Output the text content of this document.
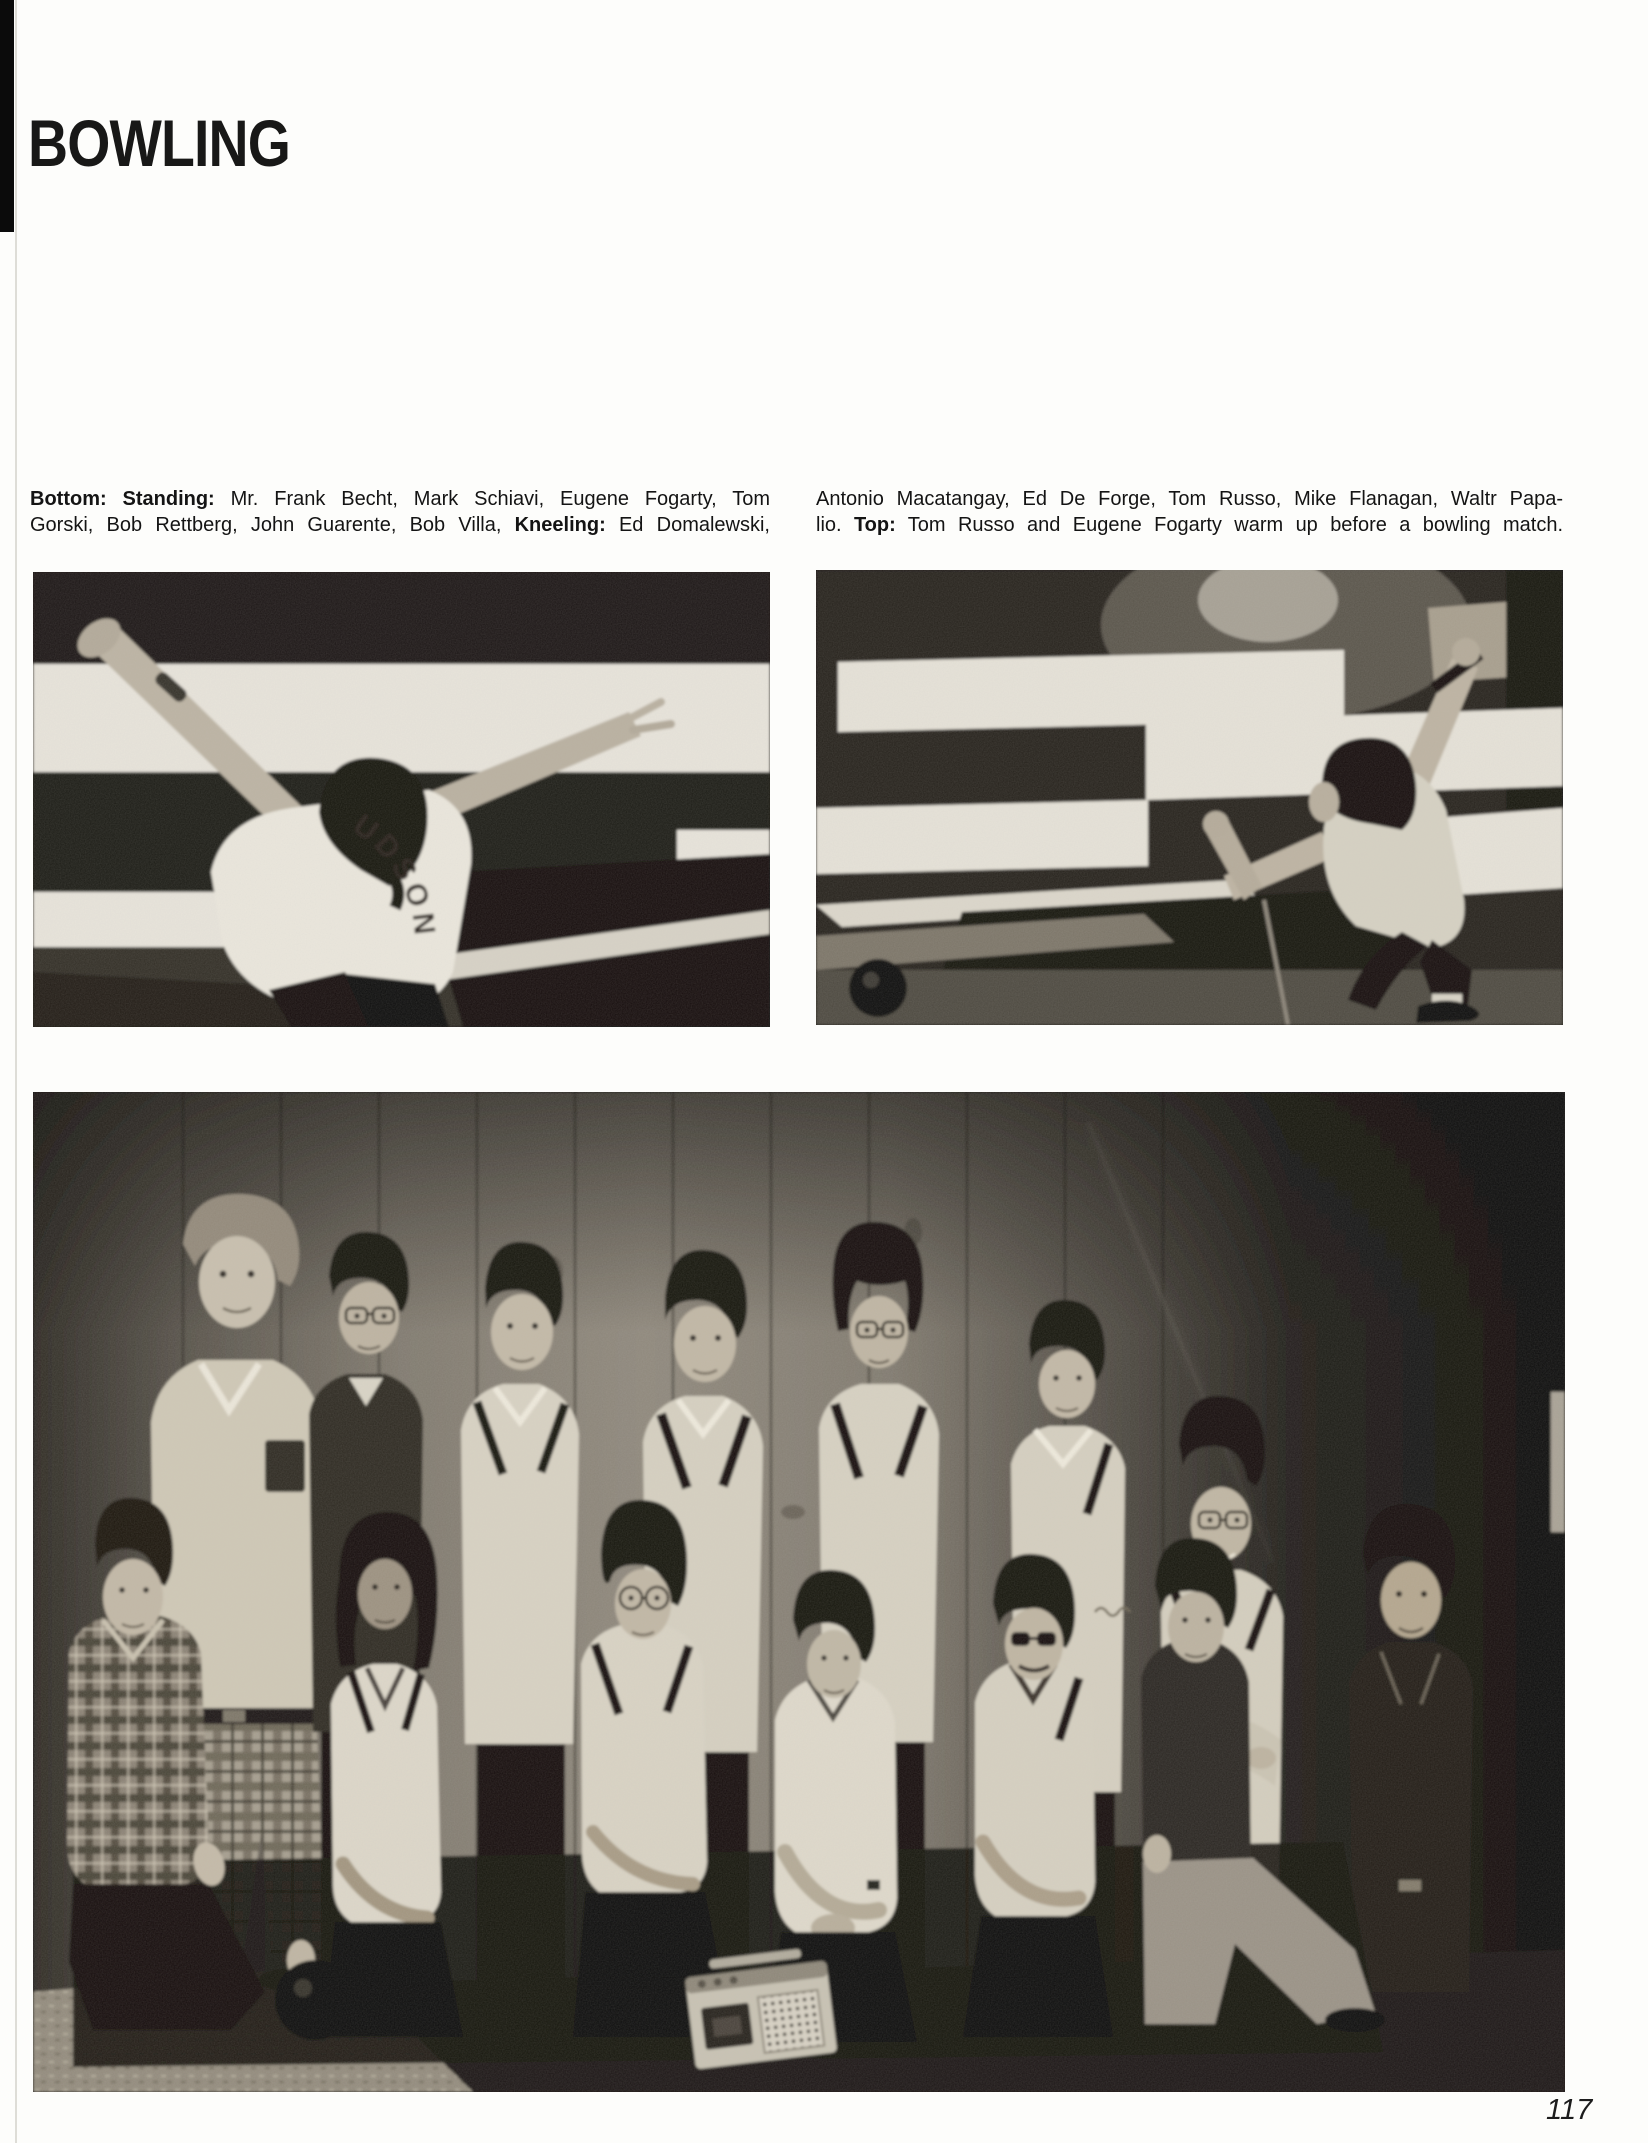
BOWLING
Bottom: Standing: Mr. Frank Becht, Mark Schiavi, Eugene Fogarty, Tom
Gorski, Bob Rettberg, John Guarente, Bob Villa, Kneeling: Ed Domalewski,
Antonio Macatangay, Ed De Forge, Tom Russo, Mike Flanagan, Waltr Papa-
lio. Top: Tom Russo and Eugene Fogarty warm up before a bowling match.
117
